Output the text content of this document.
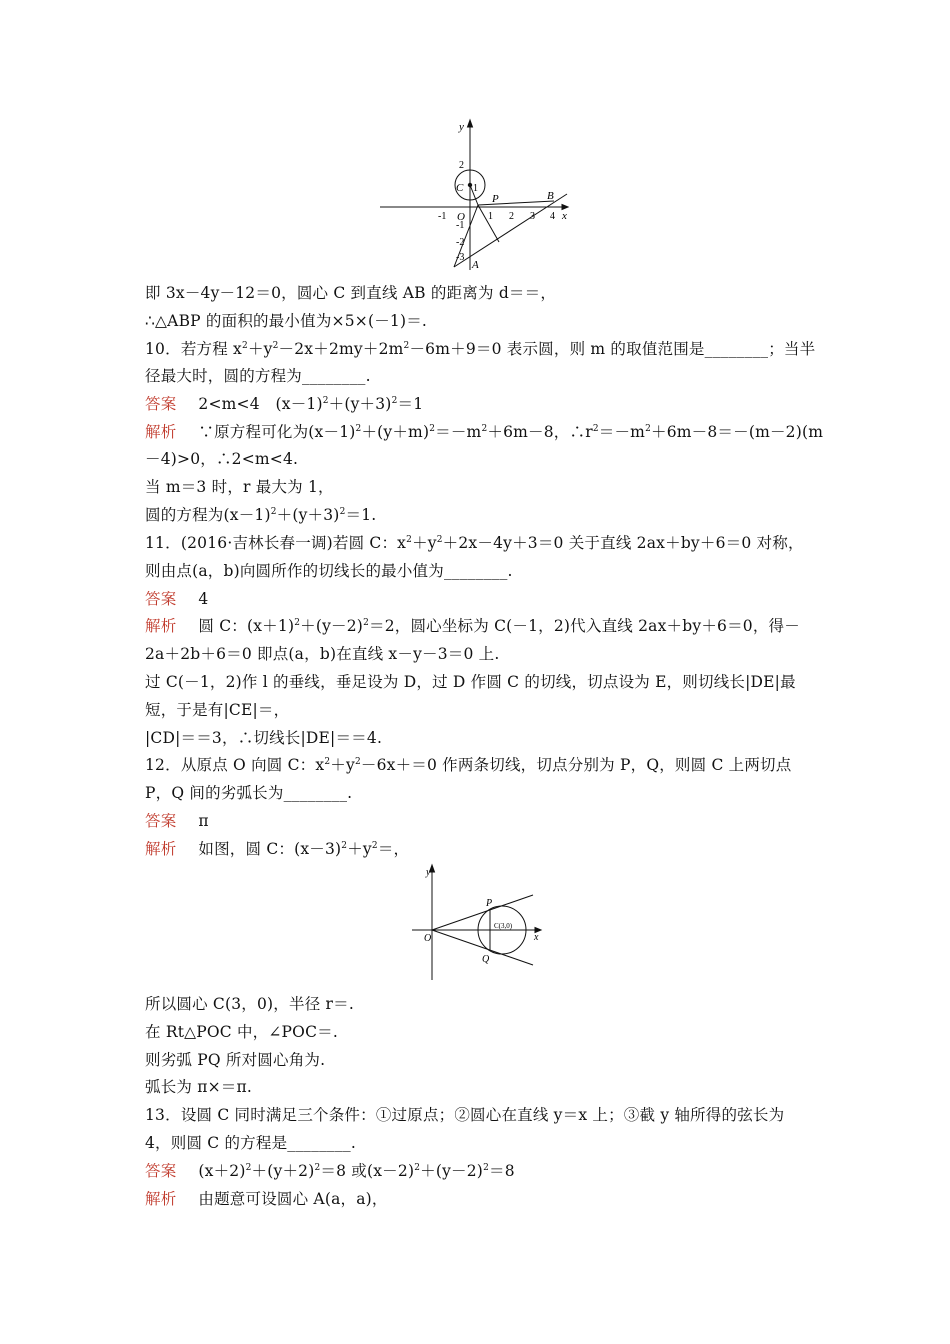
y
x
O
C
P	B
A
-1	1 2 3 4
2
1
-1
-2
-3
即 3x－4y－12＝0，圆心 C 到直线 AB 的距离为 d＝＝，
∴△ABP 的面积的最小值为×5×(－1)＝.
10．若方程 $x^2+y^2-2x+2my+2m^2-6m+9=0$ 表示圆，则 m 的取值范围是________；当半
径最大时，圆的方程为________.
答案 2<m<4　$(x-1)^2+(y+3)^2=1$
解析 ∵原方程可化为$(x-1)^2+(y+m)^2=-m^2+6m-8$，$\therefore r^2=-m^2+6m-8=-(m-2)(m$
－4)>0，∴2<m<4.
当 m＝3 时，r 最大为 1，
圆的方程为$(x-1)^2+(y+3)^2=1$.
11．(2016·吉林长春一调)若圆 C：$x^2+y^2+2x-4y+3=0$ 关于直线 2ax＋by＋6＝0 对称，
则由点(a，b)向圆所作的切线长的最小值为________.
答案 4
解析 圆 C：$(x+1)^2+(y-2)^2=2$，圆心坐标为 C(－1，2)代入直线 2ax＋by＋6＝0，得－
2a＋2b＋6＝0 即点(a，b)在直线 x－y－3＝0 上.
过 C(－1，2)作 l 的垂线，垂足设为 D，过 D 作圆 C 的切线，切点设为 E，则切线长|DE|最
短，于是有|CE|＝，
|CD|＝＝3，∴切线长|DE|＝＝4.
12．从原点 O 向圆 C：$x^2+y^2-6x+=0$ 作两条切线，切点分别为 P，Q，则圆 C 上两切点
P，Q 间的劣弧长为________.
答案 π
解析 如图，圆 C：$(x-3)^2+y^2=$，
y
x
O
P
Q
C(3,0)
所以圆心 C(3，0)，半径 r＝.
在 Rt△POC 中，∠POC＝.
则劣弧 PQ 所对圆心角为.
弧长为 π×＝π.
13．设圆 C 同时满足三个条件：①过原点；②圆心在直线 y＝x 上；③截 y 轴所得的弦长为
4，则圆 C 的方程是________.
答案 $(x+2)^2+(y+2)^2=8$ 或$(x-2)^2+(y-2)^2=8$
解析 由题意可设圆心 A(a，a)，
